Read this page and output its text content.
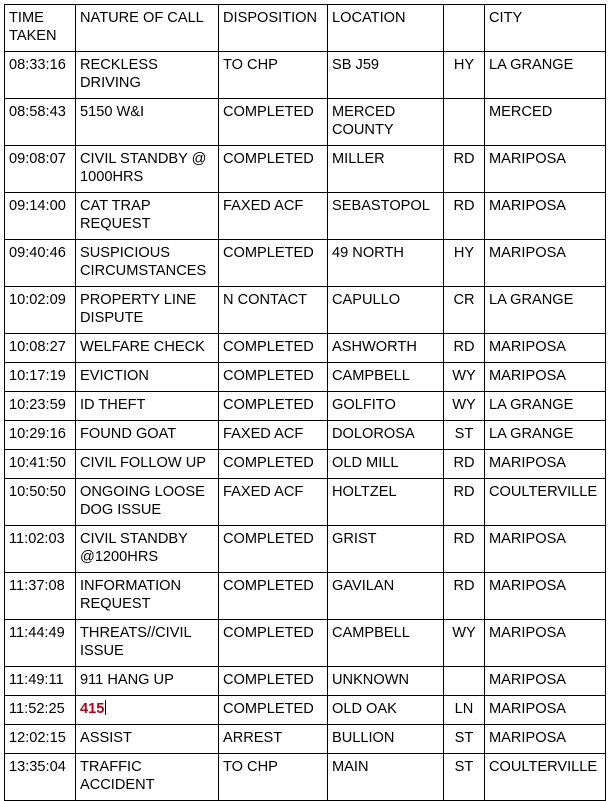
TIME TAKEN	NATURE OF CALL	DISPOSITION	LOCATION		CITY
08:33:16	RECKLESS DRIVING	TO CHP	SB J59	HY	LA GRANGE
08:58:43	5150 W&I	COMPLETED	MERCED COUNTY		MERCED
09:08:07	CIVIL STANDBY @ 1000HRS	COMPLETED	MILLER	RD	MARIPOSA
09:14:00	CAT TRAP REQUEST	FAXED ACF	SEBASTOPOL	RD	MARIPOSA
09:40:46	SUSPICIOUS CIRCUMSTANCES	COMPLETED	49 NORTH	HY	MARIPOSA
10:02:09	PROPERTY LINE DISPUTE	N CONTACT	CAPULLO	CR	LA GRANGE
10:08:27	WELFARE CHECK	COMPLETED	ASHWORTH	RD	MARIPOSA
10:17:19	EVICTION	COMPLETED	CAMPBELL	WY	MARIPOSA
10:23:59	ID THEFT	COMPLETED	GOLFITO	WY	LA GRANGE
10:29:16	FOUND GOAT	FAXED ACF	DOLOROSA	ST	LA GRANGE
10:41:50	CIVIL FOLLOW UP	COMPLETED	OLD MILL	RD	MARIPOSA
10:50:50	ONGOING LOOSE DOG ISSUE	FAXED ACF	HOLTZEL	RD	COULTERVILLE
11:02:03	CIVIL STANDBY @1200HRS	COMPLETED	GRIST	RD	MARIPOSA
11:37:08	INFORMATION REQUEST	COMPLETED	GAVILAN	RD	MARIPOSA
11:44:49	THREATS//CIVIL ISSUE	COMPLETED	CAMPBELL	WY	MARIPOSA
11:49:11	911 HANG UP	COMPLETED	UNKNOWN		MARIPOSA
11:52:25	415	COMPLETED	OLD OAK	LN	MARIPOSA
12:02:15	ASSIST	ARREST	BULLION	ST	MARIPOSA
13:35:04	TRAFFIC ACCIDENT	TO CHP	MAIN	ST	COULTERVILLE
